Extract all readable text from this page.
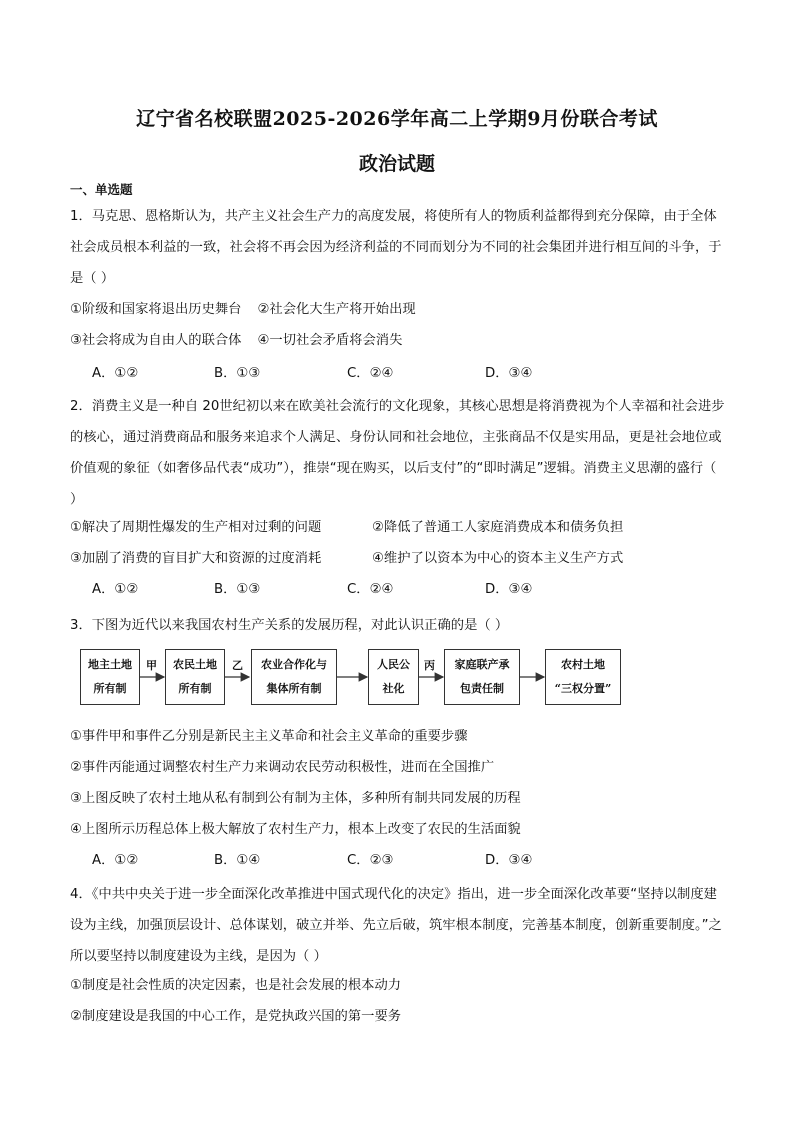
辽宁省名校联盟2025-2026学年高二上学期9月份联合考试
政治试题
一、单选题
1．马克思、恩格斯认为，共产主义社会生产力的高度发展，将使所有人的物质利益都得到充分保障，由于全体社会成员根本利益的一致，社会将不再会因为经济利益的不同而划分为不同的社会集团并进行相互间的斗争，于是（ ）
①阶级和国家将退出历史舞台 ②社会化大生产将开始出现
③社会将成为自由人的联合体 ④一切社会矛盾将会消失
A．①②	B．①③	C．②④	D．③④
2．消费主义是一种自 20世纪初以来在欧美社会流行的文化现象，其核心思想是将消费视为个人幸福和社会进步的核心，通过消费商品和服务来追求个人满足、身份认同和社会地位，主张商品不仅是实用品，更是社会地位或价值观的象征（如奢侈品代表“成功”），推崇“现在购买，以后支付”的“即时满足”逻辑。消费主义思潮的盛行（ ）
①解决了周期性爆发的生产相对过剩的问题	②降低了普通工人家庭消费成本和债务负担
③加剧了消费的盲目扩大和资源的过度消耗	④维护了以资本为中心的资本主义生产方式
A．①②	B．①③	C．②④	D．③④
3．下图为近代以来我国农村生产关系的发展历程，对此认识正确的是（ ）
地主土地
所有制
甲 农民土地
所有制
乙 农业合作化与
集体所有制
人民公
社化
丙 家庭联产承
包责任制
农村土地
“三权分置”
①事件甲和事件乙分别是新民主主义革命和社会主义革命的重要步骤
②事件丙能通过调整农村生产力来调动农民劳动积极性，进而在全国推广
③上图反映了农村土地从私有制到公有制为主体，多种所有制共同发展的历程
④上图所示历程总体上极大解放了农村生产力，根本上改变了农民的生活面貌
A．①②	B．①④	C．②③	D．③④
4．《中共中央关于进一步全面深化改革推进中国式现代化的决定》指出，进一步全面深化改革要“坚持以制度建设为主线，加强顶层设计、总体谋划，破立并举、先立后破，筑牢根本制度，完善基本制度，创新重要制度。”之所以要坚持以制度建设为主线，是因为（ ）
①制度是社会性质的决定因素，也是社会发展的根本动力
②制度建设是我国的中心工作，是党执政兴国的第一要务
